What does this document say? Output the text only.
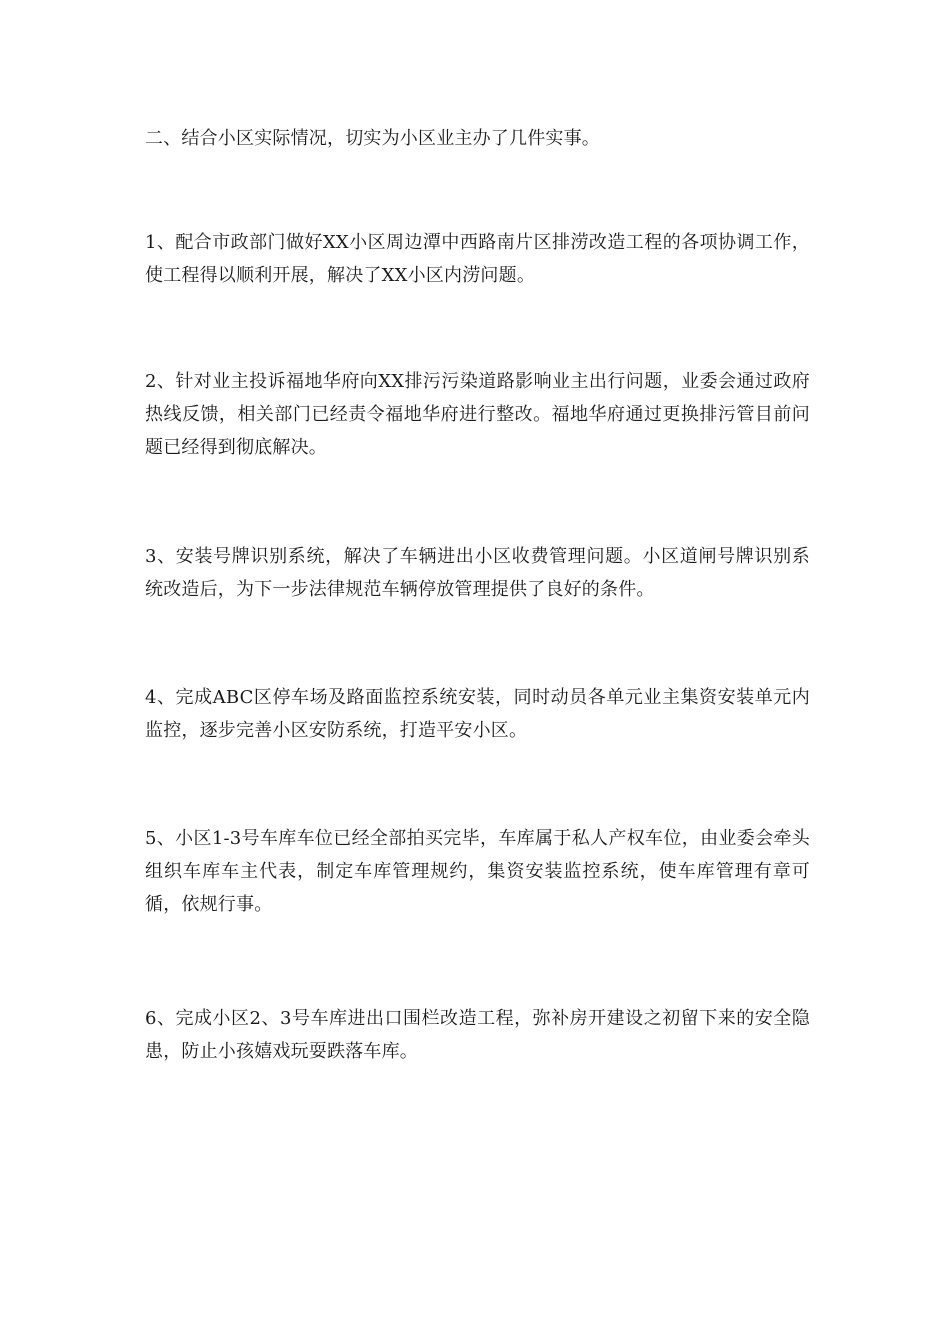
二、结合小区实际情况，切实为小区业主办了几件实事。

1、配合市政部门做好XX小区周边潭中西路南片区排涝改造工程的各项协调工作，使工程得以顺利开展，解决了XX小区内涝问题。

2、针对业主投诉福地华府向XX排污污染道路影响业主出行问题，业委会通过政府热线反馈，相关部门已经责令福地华府进行整改。福地华府通过更换排污管目前问题已经得到彻底解决。

3、安装号牌识别系统，解决了车辆进出小区收费管理问题。小区道闸号牌识别系统改造后，为下一步法律规范车辆停放管理提供了良好的条件。

4、完成ABC区停车场及路面监控系统安装，同时动员各单元业主集资安装单元内监控，逐步完善小区安防系统，打造平安小区。

5、小区1-3号车库车位已经全部拍买完毕，车库属于私人产权车位，由业委会牵头组织车库车主代表，制定车库管理规约，集资安装监控系统，使车库管理有章可循，依规行事。

6、完成小区2、3号车库进出口围栏改造工程，弥补房开建设之初留下来的安全隐患，防止小孩嬉戏玩耍跌落车库。
